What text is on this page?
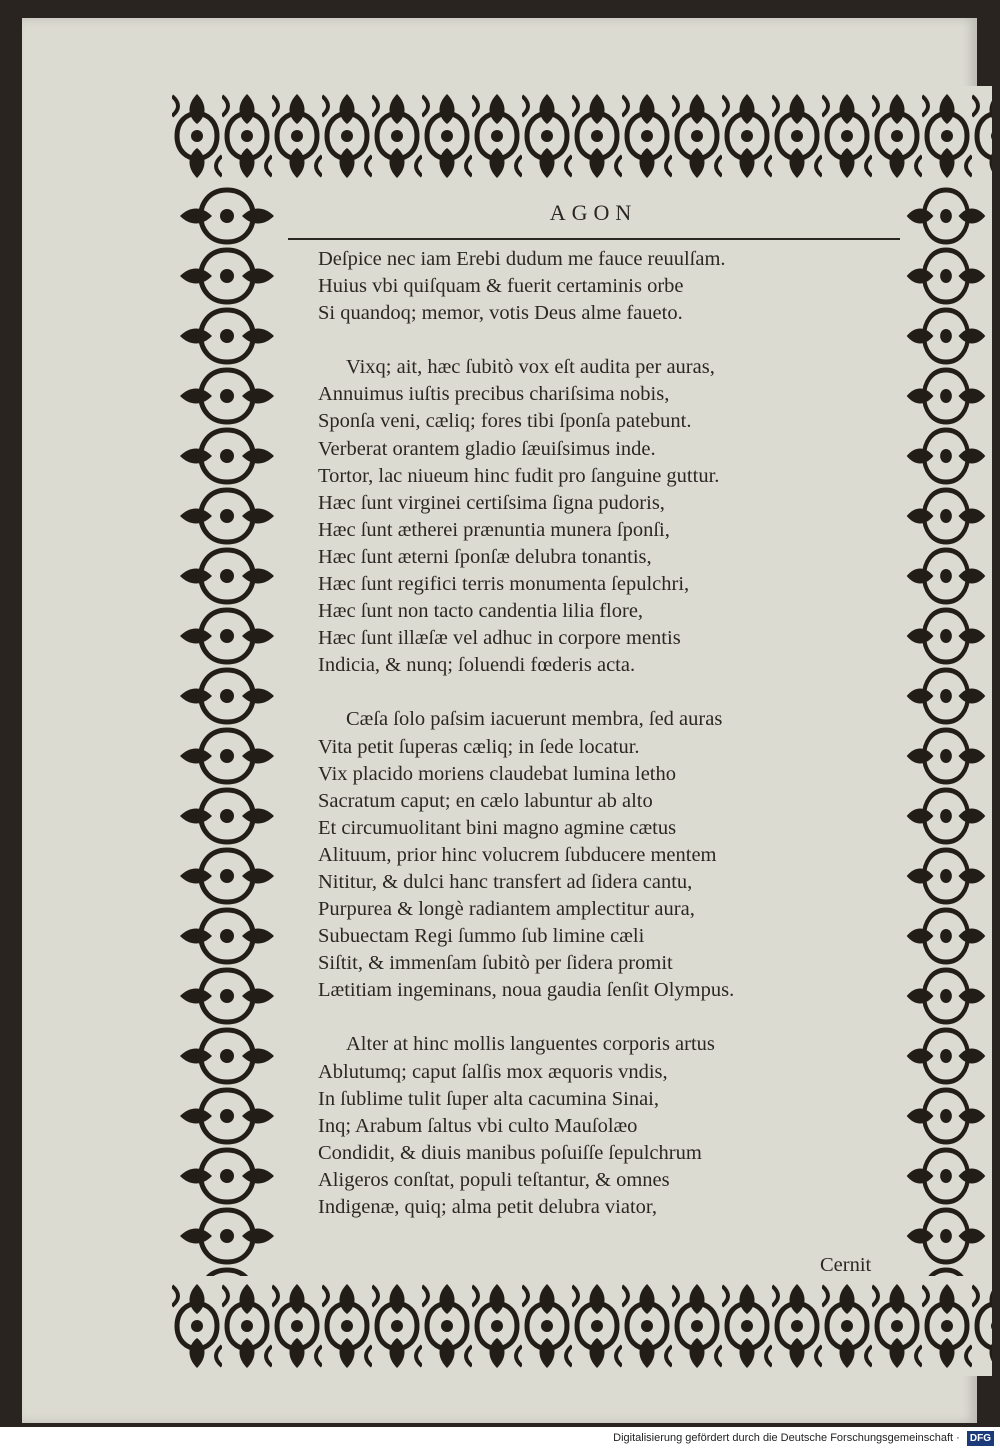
AGON
Deſpice nec iam Erebi dudum me fauce reuulſam.
Huius vbi quiſquam & fuerit certaminis orbe
Si quandoq; memor, votis Deus alme faueto.
Vixq; ait, hæc ſubitò vox eſt audita per auras,
Annuimus iuſtis precibus chariſsima nobis,
Sponſa veni, cæliq; fores tibi ſponſa patebunt.
Verberat orantem gladio ſæuiſsimus inde.
Tortor, lac niueum hinc fudit pro ſanguine guttur.
Hæc ſunt virginei certiſsima ſigna pudoris,
Hæc ſunt ætherei prænuntia munera ſponſi,
Hæc ſunt æterni ſponſæ delubra tonantis,
Hæc ſunt regifici terris monumenta ſepulchri,
Hæc ſunt non tacto candentia lilia flore,
Hæc ſunt illæſæ vel adhuc in corpore mentis
Indicia, & nunq; ſoluendi fœderis acta.
Cæſa ſolo paſsim iacuerunt membra, ſed auras
Vita petit ſuperas cæliq; in ſede locatur.
Vix placido moriens claudebat lumina letho
Sacratum caput; en cælo labuntur ab alto
Et circumuolitant bini magno agmine cætus
Alituum, prior hinc volucrem ſubducere mentem
Nititur, & dulci hanc transfert ad ſidera cantu,
Purpurea & longè radiantem amplectitur aura,
Subuectam Regi ſummo ſub limine cæli
Siſtit, & immenſam ſubitò per ſidera promit
Lætitiam ingeminans, noua gaudia ſenſit Olympus.
Alter at hinc mollis languentes corporis artus
Ablutumq; caput ſalſis mox æquoris vndis,
In ſublime tulit ſuper alta cacumina Sinai,
Inq; Arabum ſaltus vbi culto Mauſolæo
Condidit, & diuis manibus poſuiſſe ſepulchrum
Aligeros conſtat, populi teſtantur, & omnes
Indigenæ, quiq; alma petit delubra viator,
Cernit
Digitalisierung gefördert durch die Deutsche Forschungsgemeinschaft · DFG
